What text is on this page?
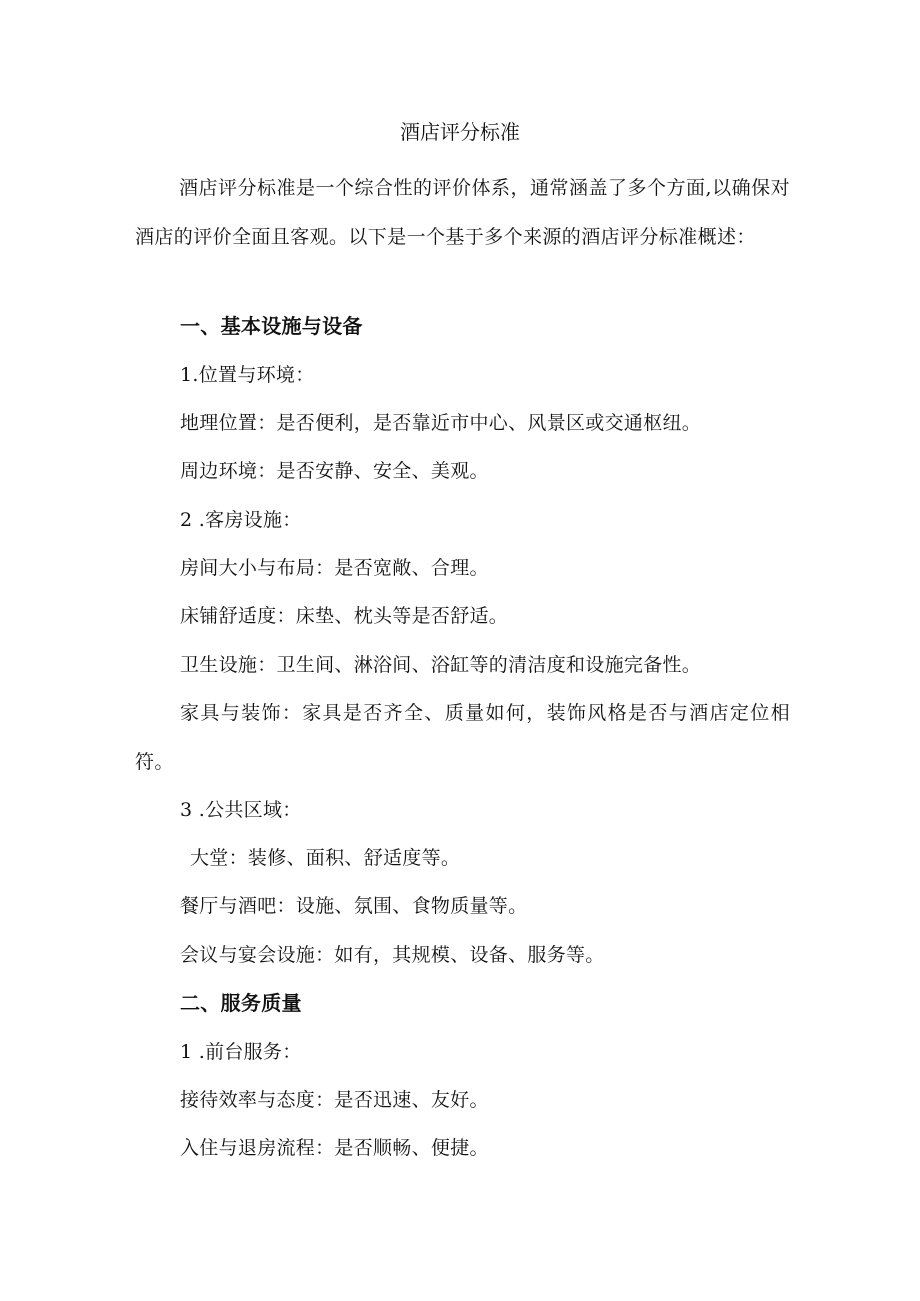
酒店评分标准

酒店评分标准是一个综合性的评价体系，通常涵盖了多个方面,以确保对酒店的评价全面且客观。以下是一个基于多个来源的酒店评分标准概述：

一、基本设施与设备
1.位置与环境：
地理位置：是否便利，是否靠近市中心、风景区或交通枢纽。
周边环境：是否安静、安全、美观。
2 .客房设施：
房间大小与布局：是否宽敞、合理。
床铺舒适度：床垫、枕头等是否舒适。
卫生设施：卫生间、淋浴间、浴缸等的清洁度和设施完备性。

家具与装饰：家具是否齐全、质量如何，装饰风格是否与酒店定位相符。

3 .公共区域：
大堂：装修、面积、舒适度等。
餐厅与酒吧：设施、氛围、食物质量等。
会议与宴会设施：如有，其规模、设备、服务等。
二、服务质量
1 .前台服务：
接待效率与态度：是否迅速、友好。
入住与退房流程：是否顺畅、便捷。
